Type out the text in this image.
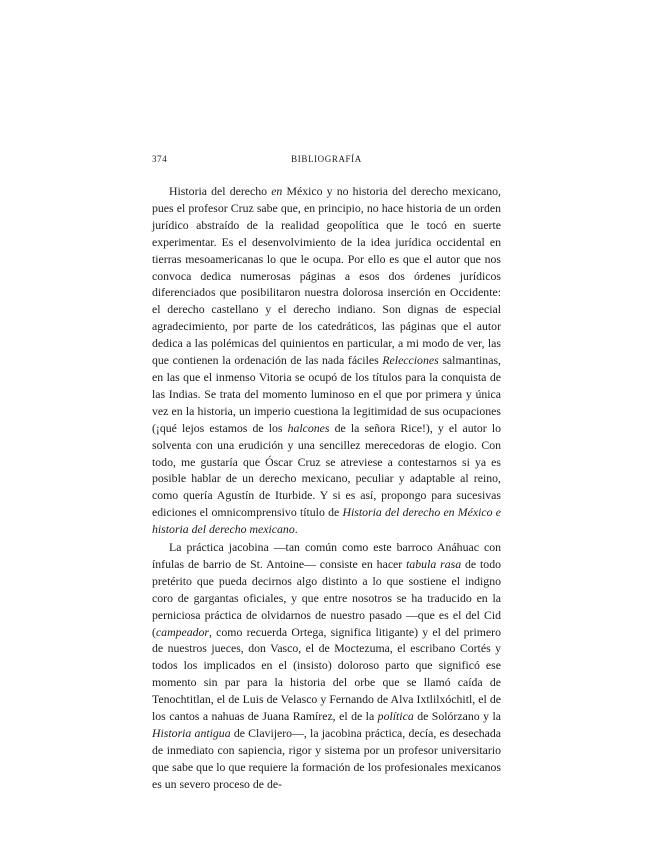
374	BIBLIOGRAFÍA

Historia del derecho en México y no historia del derecho mexicano, pues el profesor Cruz sabe que, en principio, no hace historia de un orden jurídico abstraído de la realidad geopolítica que le tocó en suerte experimentar. Es el desenvolvimiento de la idea jurídica occidental en tierras mesoamericanas lo que le ocupa. Por ello es que el autor que nos convoca dedica numerosas páginas a esos dos órdenes jurídicos diferenciados que posibilitaron nuestra dolorosa inserción en Occidente: el derecho castellano y el derecho indiano. Son dignas de especial agradecimiento, por parte de los catedráticos, las páginas que el autor dedica a las polémicas del quinientos en particular, a mi modo de ver, las que contienen la ordenación de las nada fáciles Relecciones salmantinas, en las que el inmenso Vitoria se ocupó de los títulos para la conquista de las Indias. Se trata del momento luminoso en el que por primera y única vez en la historia, un imperio cuestiona la legitimidad de sus ocupaciones (¡qué lejos estamos de los halcones de la señora Rice!), y el autor lo solventa con una erudición y una sencillez merecedoras de elogio. Con todo, me gustaría que Óscar Cruz se atreviese a contestarnos si ya es posible hablar de un derecho mexicano, peculiar y adaptable al reino, como quería Agustín de Iturbide. Y si es así, propongo para sucesivas ediciones el omnicomprensivo título de Historia del derecho en México e historia del derecho mexicano.

La práctica jacobina —tan común como este barroco Anáhuac con ínfulas de barrio de St. Antoine— consiste en hacer tabula rasa de todo pretérito que pueda decirnos algo distinto a lo que sostiene el indigno coro de gargantas oficiales, y que entre nosotros se ha traducido en la perniciosa práctica de olvidarnos de nuestro pasado —que es el del Cid (campeador, como recuerda Ortega, significa litigante) y el del primero de nuestros jueces, don Vasco, el de Moctezuma, el escribano Cortés y todos los implicados en el (insisto) doloroso parto que significó ese momento sin par para la historia del orbe que se llamó caída de Tenochtitlan, el de Luis de Velasco y Fernando de Alva Ixtlilxóchitl, el de los cantos a nahuas de Juana Ramírez, el de la política de Solórzano y la Historia antigua de Clavijero—, la jacobina práctica, decía, es desechada de inmediato con sapiencia, rigor y sistema por un profesor universitario que sabe que lo que requiere la formación de los profesionales mexicanos es un severo proceso de de-
